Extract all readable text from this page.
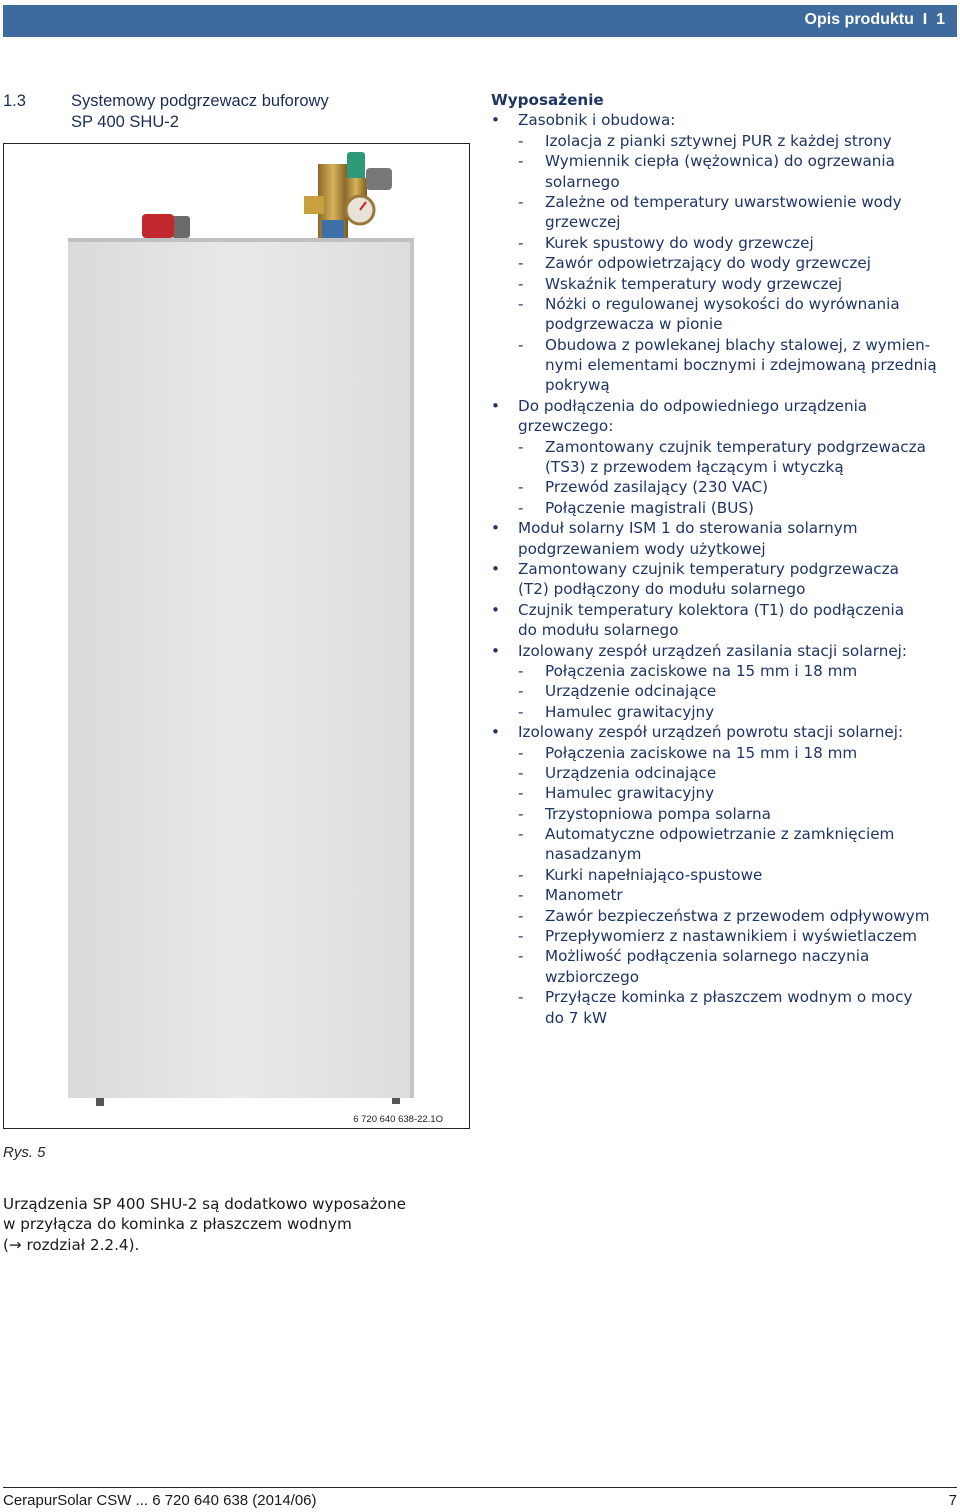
Opis produktu  I  1
1.3	Systemowy podgrzewacz buforowy
SP 400 SHU-2
6 720 640 638-22.1O
Rys. 5
Urządzenia SP 400 SHU-2 są dodatkowo wyposażone
w przyłącza do kominka z płaszczem wodnym
(→ rozdział 2.2.4).
Wyposażenie
• Zasobnik i obudowa:
- Izolacja z pianki sztywnej PUR z każdej strony
- Wymiennik ciepła (wężownica) do ogrzewania
solarnego
- Zależne od temperatury uwarstwowienie wody
grzewczej
- Kurek spustowy do wody grzewczej
- Zawór odpowietrzający do wody grzewczej
- Wskaźnik temperatury wody grzewczej
- Nóżki o regulowanej wysokości do wyrównania
podgrzewacza w pionie
- Obudowa z powlekanej blachy stalowej, z wymien-
nymi elementami bocznymi i zdejmowaną przednią
pokrywą
• Do podłączenia do odpowiedniego urządzenia
grzewczego:
- Zamontowany czujnik temperatury podgrzewacza
(TS3) z przewodem łączącym i wtyczką
- Przewód zasilający (230 VAC)
- Połączenie magistrali (BUS)
• Moduł solarny ISM 1 do sterowania solarnym
podgrzewaniem wody użytkowej
• Zamontowany czujnik temperatury podgrzewacza
(T2) podłączony do modułu solarnego
• Czujnik temperatury kolektora (T1) do podłączenia
do modułu solarnego
• Izolowany zespół urządzeń zasilania stacji solarnej:
- Połączenia zaciskowe na 15 mm i 18 mm
- Urządzenie odcinające
- Hamulec grawitacyjny
• Izolowany zespół urządzeń powrotu stacji solarnej:
- Połączenia zaciskowe na 15 mm i 18 mm
- Urządzenia odcinające
- Hamulec grawitacyjny
- Trzystopniowa pompa solarna
- Automatyczne odpowietrzanie z zamknięciem
nasadzanym
- Kurki napełniająco-spustowe
- Manometr
- Zawór bezpieczeństwa z przewodem odpływowym
- Przepływomierz z nastawnikiem i wyświetlaczem
- Możliwość podłączenia solarnego naczynia
wzbiorczego
- Przyłącze kominka z płaszczem wodnym o mocy
do 7 kW
CerapurSolar CSW ... 6 720 640 638 (2014/06)	7
